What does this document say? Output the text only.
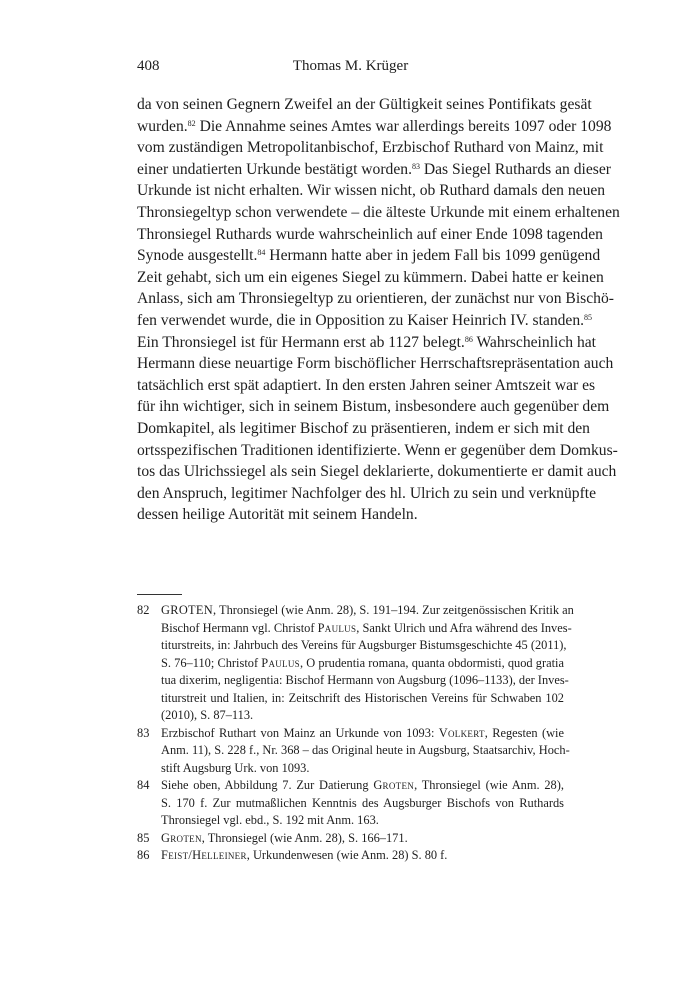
408	Thomas M. Krüger
da von seinen Gegnern Zweifel an der Gültigkeit seines Pontifikats gesät
wurden.$^{82}$ Die Annahme seines Amtes war allerdings bereits 1097 oder 1098
vom zuständigen Metropolitanbischof, Erzbischof Ruthard von Mainz, mit
einer undatierten Urkunde bestätigt worden.$^{83}$ Das Siegel Ruthards an dieser
Urkunde ist nicht erhalten. Wir wissen nicht, ob Ruthard damals den neuen
Thronsiegeltyp schon verwendete – die älteste Urkunde mit einem erhaltenen
Thronsiegel Ruthards wurde wahrscheinlich auf einer Ende 1098 tagenden
Synode ausgestellt.$^{84}$ Hermann hatte aber in jedem Fall bis 1099 genügend
Zeit gehabt, sich um ein eigenes Siegel zu kümmern. Dabei hatte er keinen
Anlass, sich am Thronsiegeltyp zu orientieren, der zunächst nur von Bischö-
fen verwendet wurde, die in Opposition zu Kaiser Heinrich IV. standen.$^{85}$
Ein Thronsiegel ist für Hermann erst ab 1127 belegt.$^{86}$ Wahrscheinlich hat
Hermann diese neuartige Form bischöflicher Herrschaftsrepräsentation auch
tatsächlich erst spät adaptiert. In den ersten Jahren seiner Amtszeit war es
für ihn wichtiger, sich in seinem Bistum, insbesondere auch gegenüber dem
Domkapitel, als legitimer Bischof zu präsentieren, indem er sich mit den
ortsspezifischen Traditionen identifizierte. Wenn er gegenüber dem Domkus-
tos das Ulrichssiegel als sein Siegel deklarierte, dokumentierte er damit auch
den Anspruch, legitimer Nachfolger des hl. Ulrich zu sein und verknüpfte
dessen heilige Autorität mit seinem Handeln.
82 GROTEN, Thronsiegel (wie Anm. 28), S. 191–194. Zur zeitgenössischen Kritik an
Bischof Hermann vgl. Christof Paulus, Sankt Ulrich und Afra während des Inves-
titurstreits, in: Jahrbuch des Vereins für Augsburger Bistumsgeschichte 45 (2011),
S. 76–110; Christof Paulus, O prudentia romana, quanta obdormisti, quod gratia
tua dixerim, negligentia: Bischof Hermann von Augsburg (1096–1133), der Inves-
titurstreit und Italien, in: Zeitschrift des Historischen Vereins für Schwaben 102
(2010), S. 87–113.
83 Erzbischof Ruthart von Mainz an Urkunde von 1093: Volkert, Regesten (wie
Anm. 11), S. 228 f., Nr. 368 – das Original heute in Augsburg, Staatsarchiv, Hoch-
stift Augsburg Urk. von 1093.
84 Siehe oben, Abbildung 7. Zur Datierung Groten, Thronsiegel (wie Anm. 28),
S. 170 f. Zur mutmaßlichen Kenntnis des Augsburger Bischofs von Ruthards
Thronsiegel vgl. ebd., S. 192 mit Anm. 163.
85 Groten, Thronsiegel (wie Anm. 28), S. 166–171.
86 Feist/Helleiner, Urkundenwesen (wie Anm. 28) S. 80 f.
